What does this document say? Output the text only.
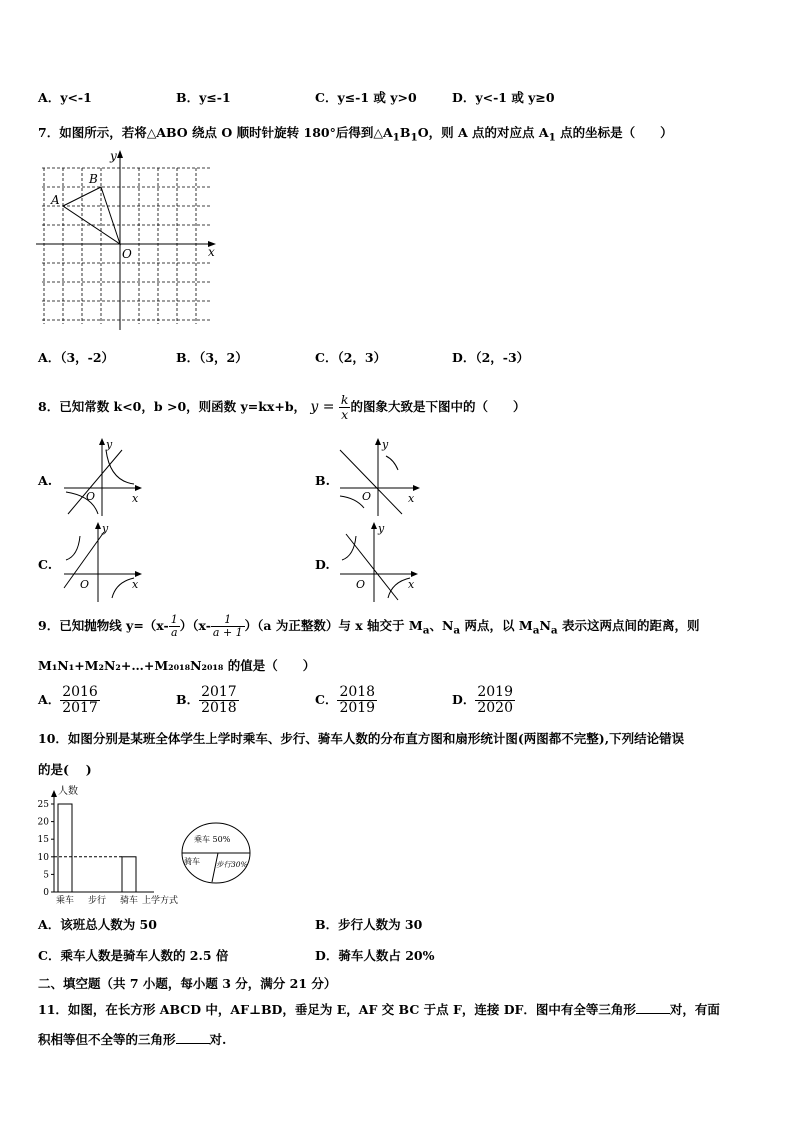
A．y<-1	B．y≤-1	C．y≤-1 或 y>0	D．y<-1 或 y≥0
7．如图所示，若将△ABO 绕点 O 顺时针旋转 180°后得到$\triangle A_1B_1O$，则 A 点的对应点 $A_1$ 点的坐标是（　　）
y
x
O
A
B
A．（3，-2）	B．（3，2）	C．（2，3）	D．（2，-3）
8．已知常数 k<0，b >0，则函数 y=kx+b， $y = \frac{k}{x}$ 的图象大致是下图中的（　　）
A.
y
x
O
B.
y
x
O
C.
y
x
O
D.
y
x
O
9．已知抛物线 $y=(x- \frac{1}{a} )(x- \frac{1}{a + 1} )(a$ 为正整数）与 x 轴交于 $M_a$、$N_a$ 两点，以 $M_aN_a$ 表示这两点间的距离，则
M₁N₁+M₂N₂+…+M₂₀₁₈N₂₀₁₈ 的值是（　　）
A． $\frac{2016}{2017}$	B． $\frac{2017}{2018}$	C． $\frac{2018}{2019}$	D． $\frac{2019}{2020}$
10．如图分别是某班全体学生上学时乘车、步行、骑车人数的分布直方图和扇形统计图(两图都不完整),下列结论错误
的是(　 )
0
5
10
15
20
25
乘车 步行 骑车 上学方式
人数
乘车 50%
骑车 步行30%
A．该班总人数为 50	B．步行人数为 30
C．乘车人数是骑车人数的 2.5 倍	D．骑车人数占 20%
二、填空题（共 7 小题，每小题 3 分，满分 21 分）
11．如图，在长方形 ABCD 中，AF⊥BD，垂足为 E，AF 交 BC 于点 F，连接 DF．图中有全等三角形	对，有面
积相等但不全等的三角形	对.
